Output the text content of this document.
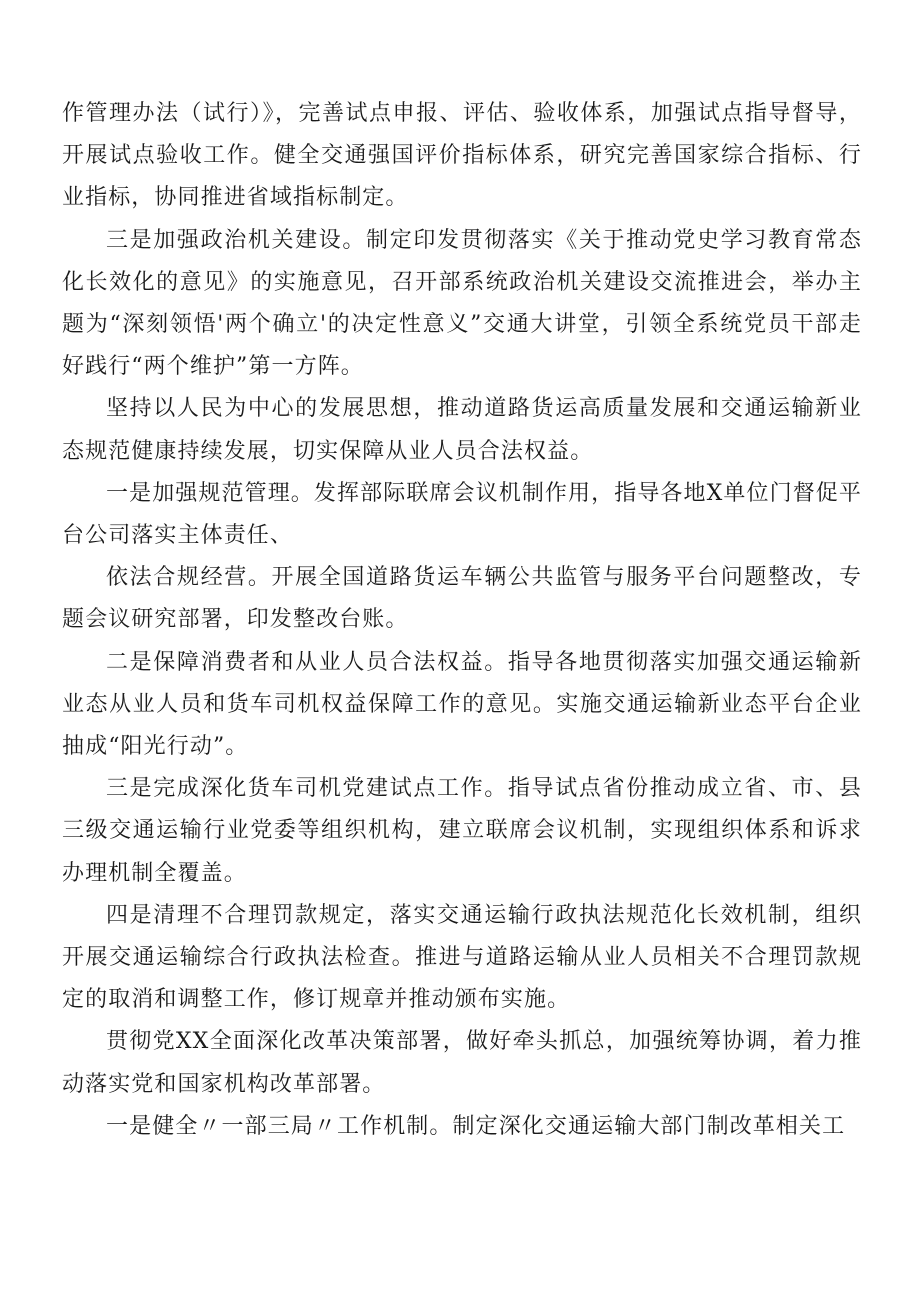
作管理办法（试行）》，完善试点申报、评估、验收体系，加强试点指导督导，开展试点验收工作。健全交通强国评价指标体系，研究完善国家综合指标、行业指标，协同推进省域指标制定。

三是加强政治机关建设。制定印发贯彻落实《关于推动党史学习教育常态化长效化的意见》的实施意见，召开部系统政治机关建设交流推进会，举办主题为“深刻领悟'两个确立'的决定性意义”交通大讲堂，引领全系统党员干部走好践行“两个维护”第一方阵。

坚持以人民为中心的发展思想，推动道路货运高质量发展和交通运输新业态规范健康持续发展，切实保障从业人员合法权益。

一是加强规范管理。发挥部际联席会议机制作用，指导各地X单位门督促平台公司落实主体责任、

依法合规经营。开展全国道路货运车辆公共监管与服务平台问题整改，专题会议研究部署，印发整改台账。

二是保障消费者和从业人员合法权益。指导各地贯彻落实加强交通运输新业态从业人员和货车司机权益保障工作的意见。实施交通运输新业态平台企业抽成“阳光行动”。

三是完成深化货车司机党建试点工作。指导试点省份推动成立省、市、县三级交通运输行业党委等组织机构，建立联席会议机制，实现组织体系和诉求办理机制全覆盖。

四是清理不合理罚款规定，落实交通运输行政执法规范化长效机制，组织开展交通运输综合行政执法检查。推进与道路运输从业人员相关不合理罚款规定的取消和调整工作，修订规章并推动颁布实施。

贯彻党XX全面深化改革决策部署，做好牵头抓总，加强统筹协调，着力推动落实党和国家机构改革部署。

一是健全〃一部三局〃工作机制。制定深化交通运输大部门制改革相关工
